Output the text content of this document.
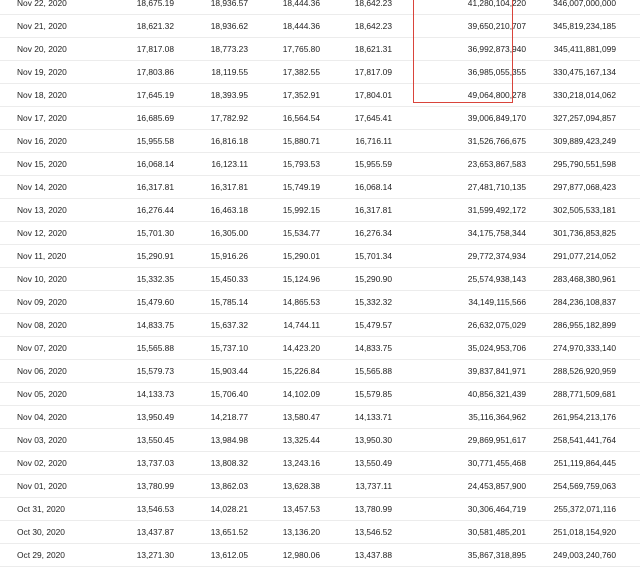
Nov 22, 2020	18,675.19	18,936.57	18,444.36	18,642.23	41,280,104,220	346,007,000,000
Nov 21, 2020	18,621.32	18,936.62	18,444.36	18,642.23	39,650,210,707	345,819,234,185
Nov 20, 2020	17,817.08	18,773.23	17,765.80	18,621.31	36,992,873,940	345,411,881,099
Nov 19, 2020	17,803.86	18,119.55	17,382.55	17,817.09	36,985,055,355	330,475,167,134
Nov 18, 2020	17,645.19	18,393.95	17,352.91	17,804.01	49,064,800,278	330,218,014,062
Nov 17, 2020	16,685.69	17,782.92	16,564.54	17,645.41	39,006,849,170	327,257,094,857
Nov 16, 2020	15,955.58	16,816.18	15,880.71	16,716.11	31,526,766,675	309,889,423,249
Nov 15, 2020	16,068.14	16,123.11	15,793.53	15,955.59	23,653,867,583	295,790,551,598
Nov 14, 2020	16,317.81	16,317.81	15,749.19	16,068.14	27,481,710,135	297,877,068,423
Nov 13, 2020	16,276.44	16,463.18	15,992.15	16,317.81	31,599,492,172	302,505,533,181
Nov 12, 2020	15,701.30	16,305.00	15,534.77	16,276.34	34,175,758,344	301,736,853,825
Nov 11, 2020	15,290.91	15,916.26	15,290.01	15,701.34	29,772,374,934	291,077,214,052
Nov 10, 2020	15,332.35	15,450.33	15,124.96	15,290.90	25,574,938,143	283,468,380,961
Nov 09, 2020	15,479.60	15,785.14	14,865.53	15,332.32	34,149,115,566	284,236,108,837
Nov 08, 2020	14,833.75	15,637.32	14,744.11	15,479.57	26,632,075,029	286,955,182,899
Nov 07, 2020	15,565.88	15,737.10	14,423.20	14,833.75	35,024,953,706	274,970,333,140
Nov 06, 2020	15,579.73	15,903.44	15,226.84	15,565.88	39,837,841,971	288,526,920,959
Nov 05, 2020	14,133.73	15,706.40	14,102.09	15,579.85	40,856,321,439	288,771,509,681
Nov 04, 2020	13,950.49	14,218.77	13,580.47	14,133.71	35,116,364,962	261,954,213,176
Nov 03, 2020	13,550.45	13,984.98	13,325.44	13,950.30	29,869,951,617	258,541,441,764
Nov 02, 2020	13,737.03	13,808.32	13,243.16	13,550.49	30,771,455,468	251,119,864,445
Nov 01, 2020	13,780.99	13,862.03	13,628.38	13,737.11	24,453,857,900	254,569,759,063
Oct 31, 2020	13,546.53	14,028.21	13,457.53	13,780.99	30,306,464,719	255,372,071,116
Oct 30, 2020	13,437.87	13,651.52	13,136.20	13,546.52	30,581,485,201	251,018,154,920
Oct 29, 2020	13,271.30	13,612.05	12,980.06	13,437.88	35,867,318,895	249,003,240,760
